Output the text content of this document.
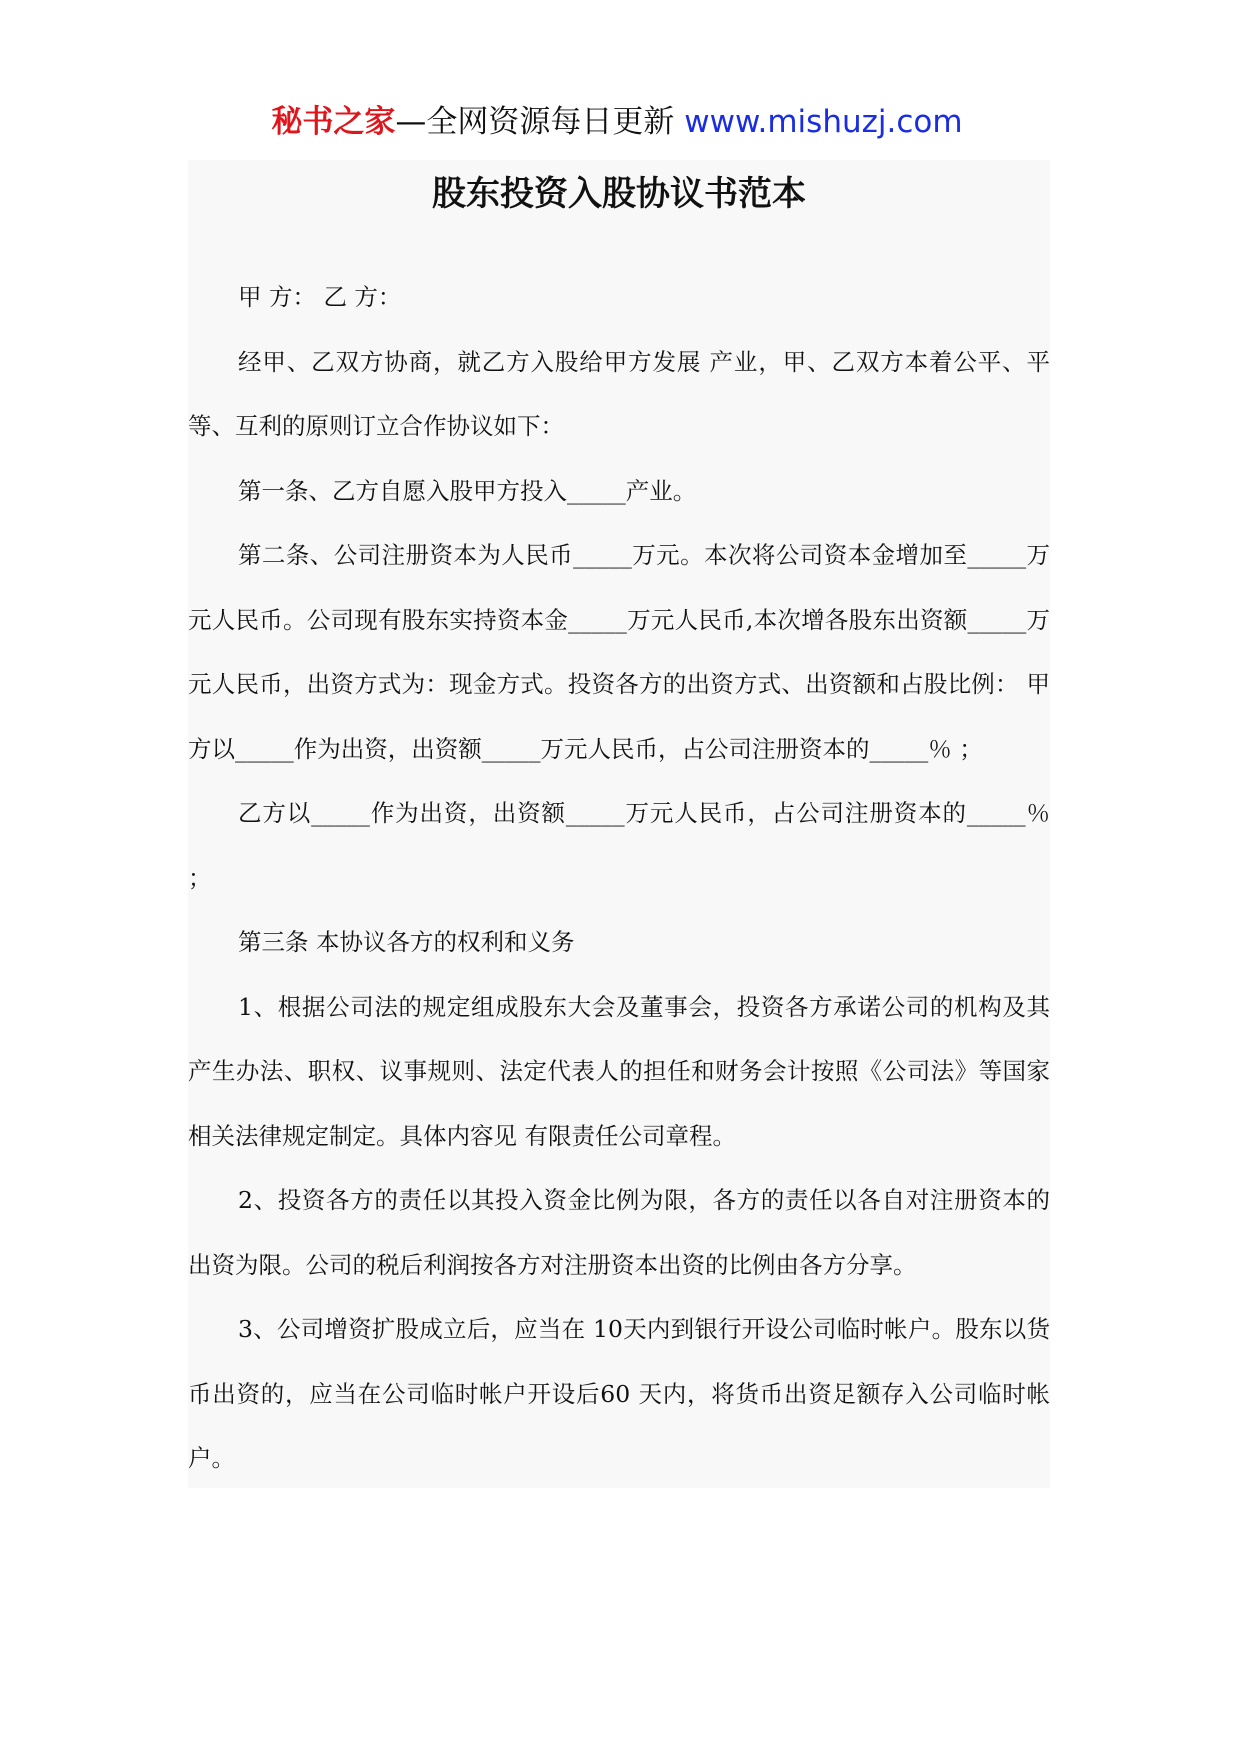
秘书之家—全网资源每日更新 www.mishuzj.com
股东投资入股协议书范本

甲 方： 乙 方：

经甲、乙双方协商，就乙方入股给甲方发展 产业，甲、乙双方本着公平、平等、互利的原则订立合作协议如下：

第一条、乙方自愿入股甲方投入_____产业。

第二条、公司注册资本为人民币_____万元。本次将公司资本金增加至_____万元人民币。公司现有股东实持资本金_____万元人民币,本次增各股东出资额_____万元人民币，出资方式为：现金方式。投资各方的出资方式、出资额和占股比例： 甲方以_____作为出资，出资额_____万元人民币，占公司注册资本的_____％ ；

乙方以_____作为出资，出资额_____万元人民币，占公司注册资本的_____％ ；

第三条 本协议各方的权利和义务

1、根据公司法的规定组成股东大会及董事会，投资各方承诺公司的机构及其产生办法、职权、议事规则、法定代表人的担任和财务会计按照《公司法》等国家相关法律规定制定。具体内容见 有限责任公司章程。

2、投资各方的责任以其投入资金比例为限，各方的责任以各自对注册资本的出资为限。公司的税后利润按各方对注册资本出资的比例由各方分享。

3、公司增资扩股成立后，应当在 10天内到银行开设公司临时帐户。股东以货币出资的，应当在公司临时帐户开设后60 天内，将货币出资足额存入公司临时帐户。
